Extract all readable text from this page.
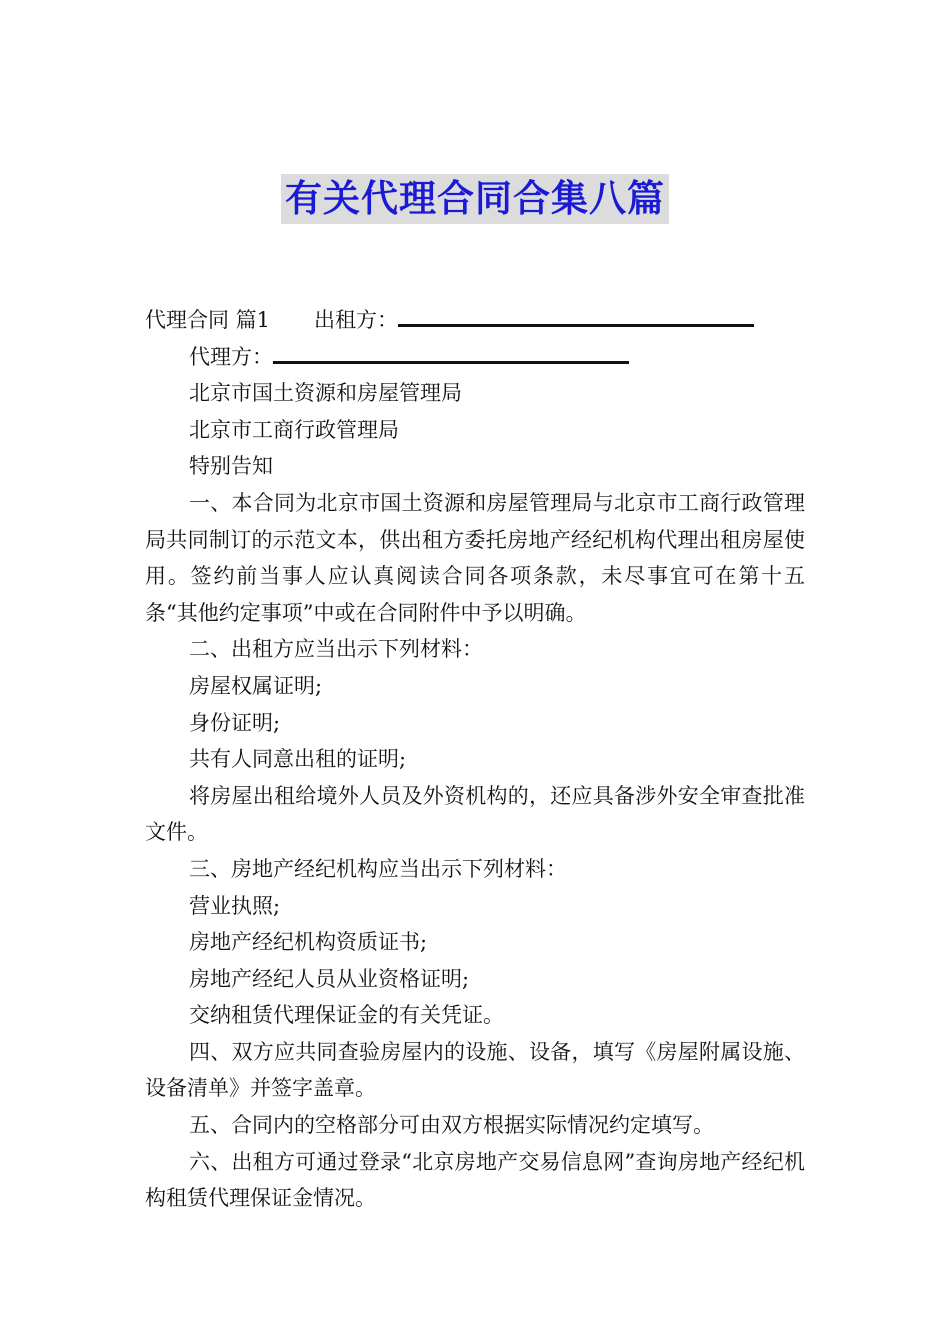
有关代理合同合集八篇

代理合同 篇1 出租方：

代理方：

北京市国土资源和房屋管理局

北京市工商行政管理局

特别告知

一、本合同为北京市国土资源和房屋管理局与北京市工商行政管理局共同制订的示范文本，供出租方委托房地产经纪机构代理出租房屋使用。签约前当事人应认真阅读合同各项条款，未尽事宜可在第十五条“其他约定事项”中或在合同附件中予以明确。

二、出租方应当出示下列材料：

房屋权属证明;

身份证明;

共有人同意出租的证明;

将房屋出租给境外人员及外资机构的，还应具备涉外安全审查批准文件。

三、房地产经纪机构应当出示下列材料：

营业执照;

房地产经纪机构资质证书;

房地产经纪人员从业资格证明;

交纳租赁代理保证金的有关凭证。

四、双方应共同查验房屋内的设施、设备，填写《房屋附属设施、设备清单》并签字盖章。

五、合同内的空格部分可由双方根据实际情况约定填写。

六、出租方可通过登录“北京房地产交易信息网”查询房地产经纪机构租赁代理保证金情况。
